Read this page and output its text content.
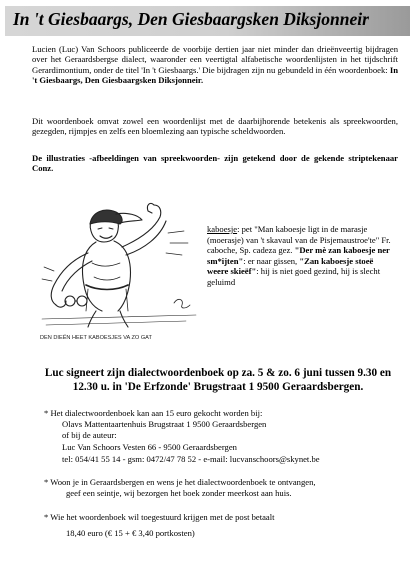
In 't Giesbaargs, Den Giesbaargsken Diksjonneir

Lucien (Luc) Van Schoors publiceerde de voorbije dertien jaar niet minder dan drieënveertig bijdragen over het Geraardsbergse dialect, waaronder een veertigtal alfabetische woordenlijsten in het tijdschrift Gerardimontium, onder de titel 'In 't Giesbaargs.' Die bijdragen zijn nu gebundeld in één woordenboek: In 't Giesbaargs, Den Giesbaargsken Diksjonneir.

Dit woordenboek omvat zowel een woordenlijst met de daarbijhorende betekenis als spreekwoorden, gezegden, rijmpjes en zelfs een bloemlezing aan typische scheldwoorden.

De illustraties -afbeeldingen van spreekwoorden- zijn getekend door de gekende striptekenaar Conz.

DEN DIEËN HEET KABOESJES VA ZO GAT

kaboesje: pet "Man kaboesje ligt in de marasje (moerasje) van 't skavaul van de Pisjemaustroe'te" Fr. caboche, Sp. cadeza gez. "Der mè zan kaboesje ner sm*ijten": er naar gissen, "Zan kaboesje stoeë weere skieëf": hij is niet goed gezind, hij is slecht geluimd

Luc signeert zijn dialectwoordenboek op za. 5 & zo. 6 juni tussen 9.30 en 12.30 u. in 'De Erfzonde' Brugstraat 1 9500 Geraardsbergen.

* Het dialectwoordenboek kan aan 15 euro gekocht worden bij:

Olavs Mattentaartenhuis Brugstraat 1 9500 Geraardsbergen

of bij de auteur:

Luc Van Schoors Vesten 66 - 9500 Geraardsbergen

tel: 054/41 55 14 - gsm: 0472/47 78 52 - e-mail: lucvanschoors@skynet.be

* Woon je in Geraardsbergen en wens je het dialectwoordenboek te ontvangen,

geef een seintje, wij bezorgen het boek zonder meerkost aan huis.

* Wie het woordenboek wil toegestuurd krijgen met de post betaalt

18,40 euro (€ 15 + € 3,40 portkosten)
